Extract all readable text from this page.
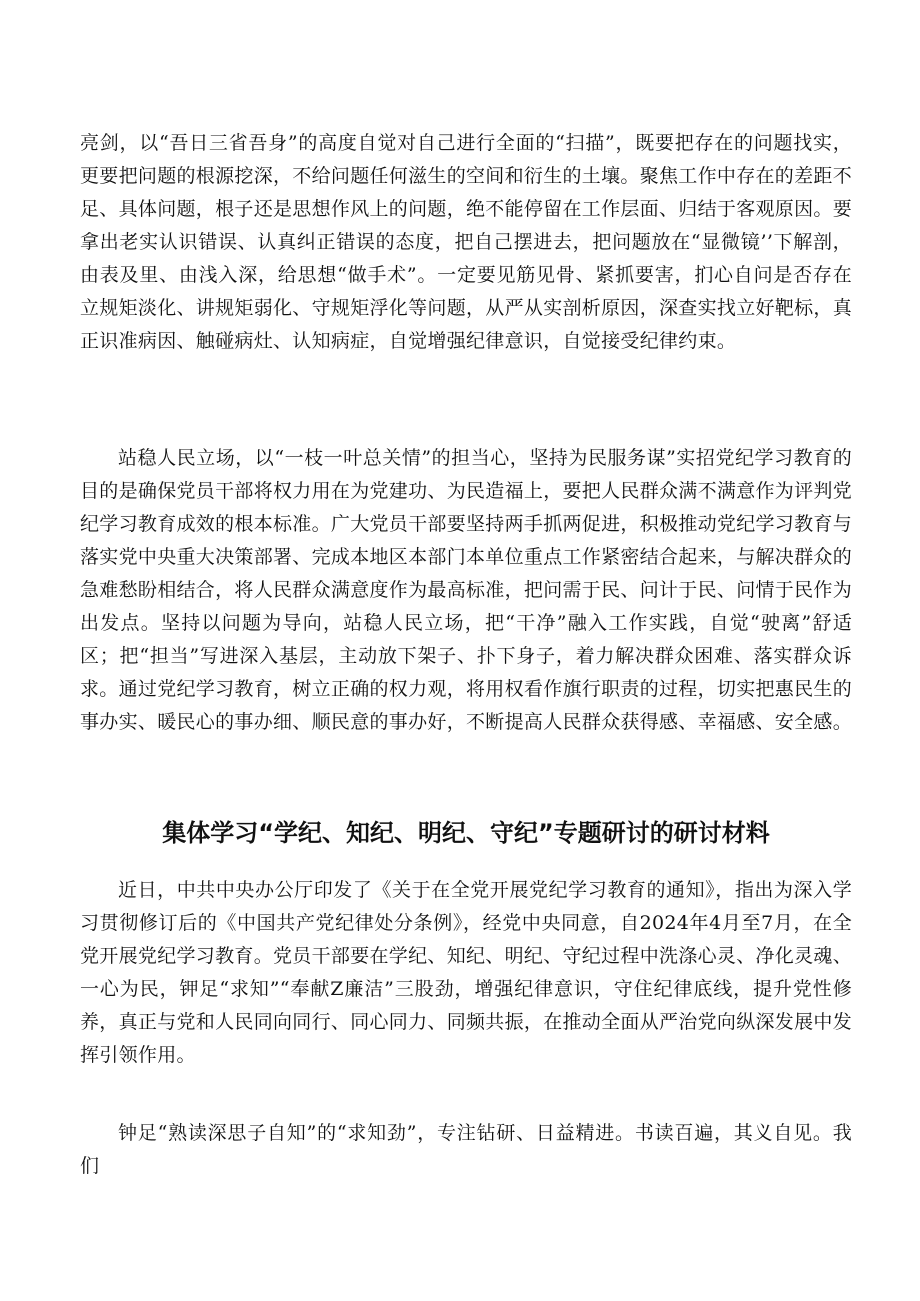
亮剑，以“吾日三省吾身”的高度自觉对自己进行全面的“扫描”，既要把存在的问题找实，更要把问题的根源挖深，不给问题任何滋生的空间和衍生的土壤。聚焦工作中存在的差距不足、具体问题，根子还是思想作风上的问题，绝不能停留在工作层面、归结于客观原因。要拿出老实认识错误、认真纠正错误的态度，把自己摆进去，把问题放在“显微镜’’下解剖，由表及里、由浅入深，给思想“做手术”。一定要见筋见骨、紧抓要害，扪心自问是否存在立规矩淡化、讲规矩弱化、守规矩浮化等问题，从严从实剖析原因，深查实找立好靶标，真正识准病因、触碰病灶、认知病症，自觉增强纪律意识，自觉接受纪律约束。

站稳人民立场，以“一枝一叶总关情”的担当心，坚持为民服务谋”实招党纪学习教育的目的是确保党员干部将权力用在为党建功、为民造福上，要把人民群众满不满意作为评判党纪学习教育成效的根本标准。广大党员干部要坚持两手抓两促进，积极推动党纪学习教育与落实党中央重大决策部署、完成本地区本部门本单位重点工作紧密结合起来，与解决群众的急难愁盼相结合，将人民群众满意度作为最高标准，把问需于民、问计于民、问情于民作为出发点。坚持以问题为导向，站稳人民立场，把“干净”融入工作实践，自觉“驶离”舒适区；把“担当”写进深入基层，主动放下架子、扑下身子，着力解决群众困难、落实群众诉求。通过党纪学习教育，树立正确的权力观，将用权看作旗行职责的过程，切实把惠民生的事办实、暖民心的事办细、顺民意的事办好，不断提高人民群众获得感、幸福感、安全感。

集体学习“学纪、知纪、明纪、守纪”专题研讨的研讨材料

近日，中共中央办公厅印发了《关于在全党开展党纪学习教育的通知》，指出为深入学习贯彻修订后的《中国共产党纪律处分条例》，经党中央同意，自2024年4月至7月，在全党开展党纪学习教育。党员干部要在学纪、知纪、明纪、守纪过程中洗涤心灵、净化灵魂、一心为民，钾足“求知”“奉献Z廉洁”三股劲，增强纪律意识，守住纪律底线，提升党性修养，真正与党和人民同向同行、同心同力、同频共振，在推动全面从严治党向纵深发展中发挥引领作用。

钟足“熟读深思子自知”的“求知劲”，专注钻研、日益精进。书读百遍，其义自见。我们
